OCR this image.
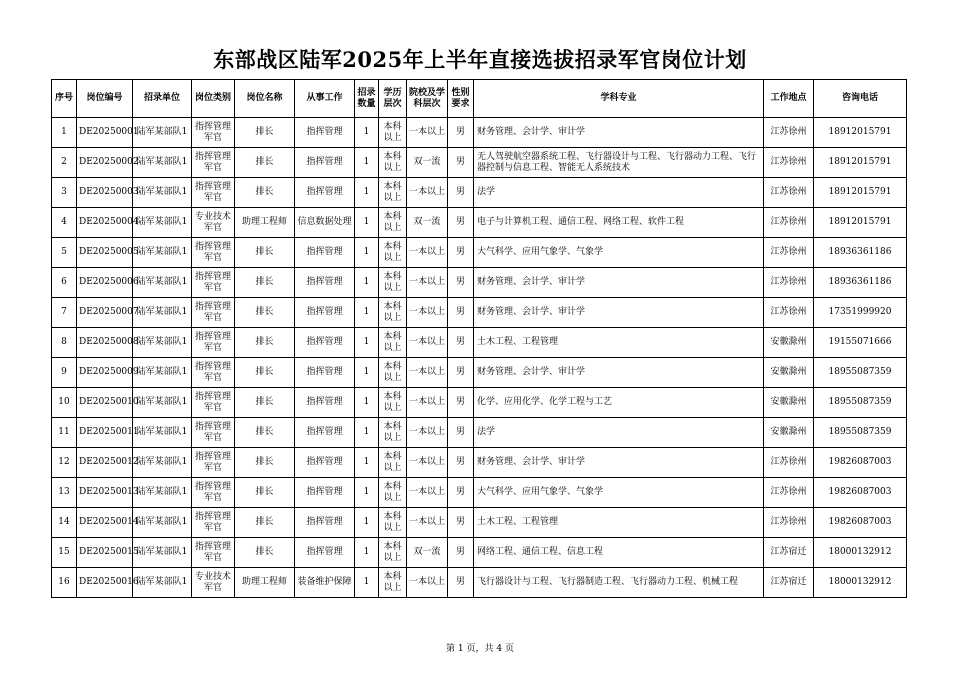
东部战区陆军2025年上半年直接选拔招录军官岗位计划
序号	岗位编号	招录单位	岗位类别	岗位名称	从事工作	招录数量	学历层次	院校及学科层次	性别要求	学科专业	工作地点	咨询电话
1	DE20250001	陆军某部队1	指挥管理军官	排长	指挥管理	1	本科以上	一本以上	男	财务管理、会计学、审计学	江苏徐州	18912015791
2	DE20250002	陆军某部队1	指挥管理军官	排长	指挥管理	1	本科以上	双一流	男	无人驾驶航空器系统工程、飞行器设计与工程、飞行器动力工程、飞行器控制与信息工程、智能无人系统技术	江苏徐州	18912015791
3	DE20250003	陆军某部队1	指挥管理军官	排长	指挥管理	1	本科以上	一本以上	男	法学	江苏徐州	18912015791
4	DE20250004	陆军某部队1	专业技术军官	助理工程师	信息数据处理	1	本科以上	双一流	男	电子与计算机工程、通信工程、网络工程、软件工程	江苏徐州	18912015791
5	DE20250005	陆军某部队1	指挥管理军官	排长	指挥管理	1	本科以上	一本以上	男	大气科学、应用气象学、气象学	江苏徐州	18936361186
6	DE20250006	陆军某部队1	指挥管理军官	排长	指挥管理	1	本科以上	一本以上	男	财务管理、会计学、审计学	江苏徐州	18936361186
7	DE20250007	陆军某部队1	指挥管理军官	排长	指挥管理	1	本科以上	一本以上	男	财务管理、会计学、审计学	江苏徐州	17351999920
8	DE20250008	陆军某部队1	指挥管理军官	排长	指挥管理	1	本科以上	一本以上	男	土木工程、工程管理	安徽滁州	19155071666
9	DE20250009	陆军某部队1	指挥管理军官	排长	指挥管理	1	本科以上	一本以上	男	财务管理、会计学、审计学	安徽滁州	18955087359
10	DE20250010	陆军某部队1	指挥管理军官	排长	指挥管理	1	本科以上	一本以上	男	化学、应用化学、化学工程与工艺	安徽滁州	18955087359
11	DE20250011	陆军某部队1	指挥管理军官	排长	指挥管理	1	本科以上	一本以上	男	法学	安徽滁州	18955087359
12	DE20250012	陆军某部队1	指挥管理军官	排长	指挥管理	1	本科以上	一本以上	男	财务管理、会计学、审计学	江苏徐州	19826087003
13	DE20250013	陆军某部队1	指挥管理军官	排长	指挥管理	1	本科以上	一本以上	男	大气科学、应用气象学、气象学	江苏徐州	19826087003
14	DE20250014	陆军某部队1	指挥管理军官	排长	指挥管理	1	本科以上	一本以上	男	土木工程、工程管理	江苏徐州	19826087003
15	DE20250015	陆军某部队1	指挥管理军官	排长	指挥管理	1	本科以上	双一流	男	网络工程、通信工程、信息工程	江苏宿迁	18000132912
16	DE20250016	陆军某部队1	专业技术军官	助理工程师	装备维护保障	1	本科以上	一本以上	男	飞行器设计与工程、飞行器制造工程、飞行器动力工程、机械工程	江苏宿迁	18000132912
第 1 页，共 4 页
